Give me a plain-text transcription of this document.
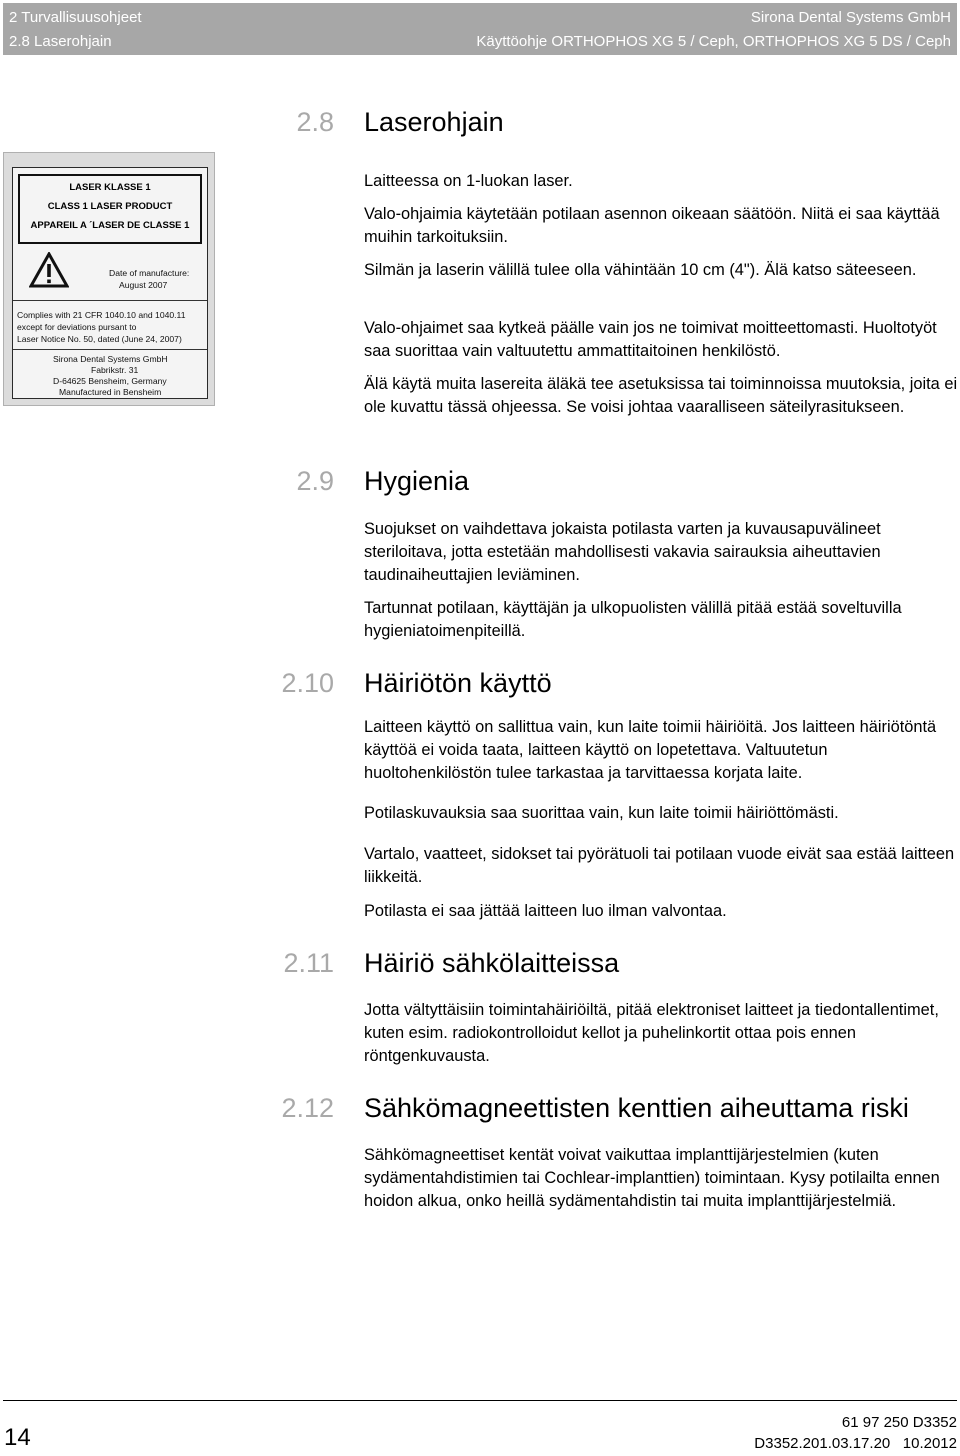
2 Turvallisuusohjeet
2.8 Laserohjain
Sirona Dental Systems GmbH
Käyttöohje ORTHOPHOS XG 5 / Ceph, ORTHOPHOS XG 5 DS / Ceph
2.8 Laserohjain
LASER KLASSE 1
CLASS 1 LASER PRODUCT
APPAREIL A ´LASER DE CLASSE 1
Date of manufacture:
August 2007
Complies with 21 CFR 1040.10 and 1040.11
except for deviations pursant to
Laser Notice No. 50, dated (June 24, 2007)
Sirona Dental Systems GmbH
Fabrikstr. 31
D-64625 Bensheim, Germany
Manufactured in Bensheim

Laitteessa on 1-luokan laser.

Valo-ohjaimia käytetään potilaan asennon oikeaan säätöön. Niitä ei saa käyttää muihin tarkoituksiin.

Silmän ja laserin välillä tulee olla vähintään 10 cm (4"). Älä katso säteeseen.

Valo-ohjaimet saa kytkeä päälle vain jos ne toimivat moitteettomasti. Huoltotyöt saa suorittaa vain valtuutettu ammattitaitoinen henkilöstö.

Älä käytä muita lasereita äläkä tee asetuksissa tai toiminnoissa muutoksia, joita ei ole kuvattu tässä ohjeessa. Se voisi johtaa vaaralliseen säteilyrasitukseen.

2.9 Hygienia

Suojukset on vaihdettava jokaista potilasta varten ja kuvausapuvälineet steriloitava, jotta estetään mahdollisesti vakavia sairauksia aiheuttavien taudinaiheuttajien leviäminen.

Tartunnat potilaan, käyttäjän ja ulkopuolisten välillä pitää estää soveltuvilla hygieniatoimenpiteillä.

2.10 Häiriötön käyttö

Laitteen käyttö on sallittua vain, kun laite toimii häiriöitä. Jos laitteen häiriötöntä käyttöä ei voida taata, laitteen käyttö on lopetettava. Valtuutetun huoltohenkilöstön tulee tarkastaa ja tarvittaessa korjata laite.

Potilaskuvauksia saa suorittaa vain, kun laite toimii häiriöttömästi.

Vartalo, vaatteet, sidokset tai pyörätuoli tai potilaan vuode eivät saa estää laitteen liikkeitä.

Potilasta ei saa jättää laitteen luo ilman valvontaa.

2.11 Häiriö sähkölaitteissa

Jotta vältyttäisiin toimintahäiriöiltä, pitää elektroniset laitteet ja tiedontallentimet, kuten esim. radiokontrolloidut kellot ja puhelinkortit ottaa pois ennen röntgenkuvausta.

2.12 Sähkömagneettisten kenttien aiheuttama riski

Sähkömagneettiset kentät voivat vaikuttaa implanttijärjestelmien (kuten sydämentahdistimien tai Cochlear-implanttien) toimintaan. Kysy potilailta ennen hoidon alkua, onko heillä sydämentahdistin tai muita implanttijärjestelmiä.

14
61 97 250 D3352
D3352.201.03.17.20 10.2012
